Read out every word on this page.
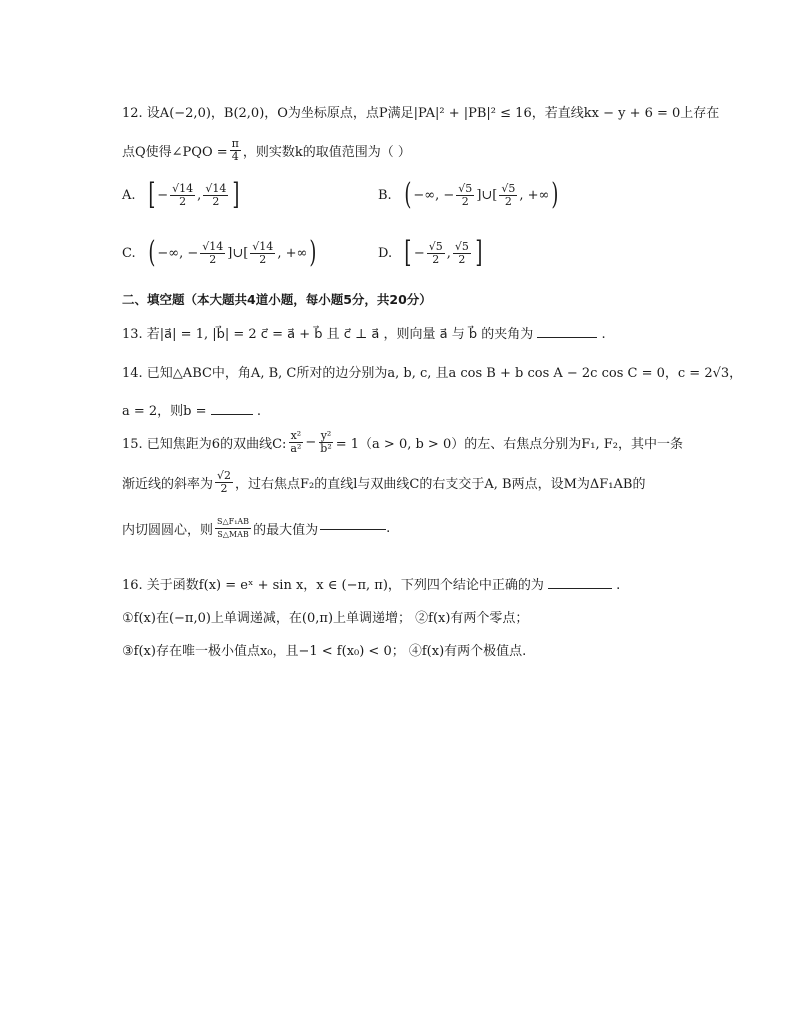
12. 设A(−2,0)，B(2,0)，O为坐标原点，点P满足|PA|² + |PB|² ≤ 16，若直线kx − y + 6 = 0上存在
点Q使得∠PQO = $\frac{\pi}{4}$ ，则实数k的取值范围为（ ）
A. [ − $\frac{√14}{2}$ , $\frac{√14}{2}$ ]	B. ( −∞, − $\frac{√5}{2}$ ]∪[ $\frac{√5}{2}$ , +∞ )
C. ( −∞, − $\frac{√14}{2}$ ]∪[ $\frac{√14}{2}$ , +∞ )	D. [ − $\frac{√5}{2}$ , $\frac{√5}{2}$ ]
二、填空题（本大题共4道小题，每小题5分，共20分）
13. 若|a⃗| = 1, |b⃗| = 2 c⃗ = a⃗ + b⃗ 且 c⃗ ⊥ a⃗ ，则向量 a⃗ 与 b⃗ 的夹角为	.
14. 已知△ABC中，角A, B, C所对的边分别为a, b, c, 且a cos B + b cos A − 2c cos C = 0，c = 2√3，
a = 2，则b =	.
15. 已知焦距为6的双曲线C: $\frac{\text{x²}}{\text{a²}} - \frac{\text{y²}}{\text{b²}} = 1(a > 0$, b > 0）的左、右焦点分别为F₁, F₂，其中一条
渐近线的斜率为 $\frac{√2}{2}$ ，过右焦点F₂的直线l与双曲线C的右支交于A, B两点，设M为ΔF₁AB的
内切圆圆心，则 $\frac{\text{S△F₁AB}}{\text{S△MAB}}$ 的最大值为	.
16. 关于函数f(x) = eˣ + sin x，x ∈ (−π, π)，下列四个结论中正确的为	.
①f(x)在(−π,0)上单调递减，在(0,π)上单调递增； ②f(x)有两个零点；
③f(x)存在唯一极小值点x₀，且−1 < f(x₀) < 0； ④f(x)有两个极值点.
